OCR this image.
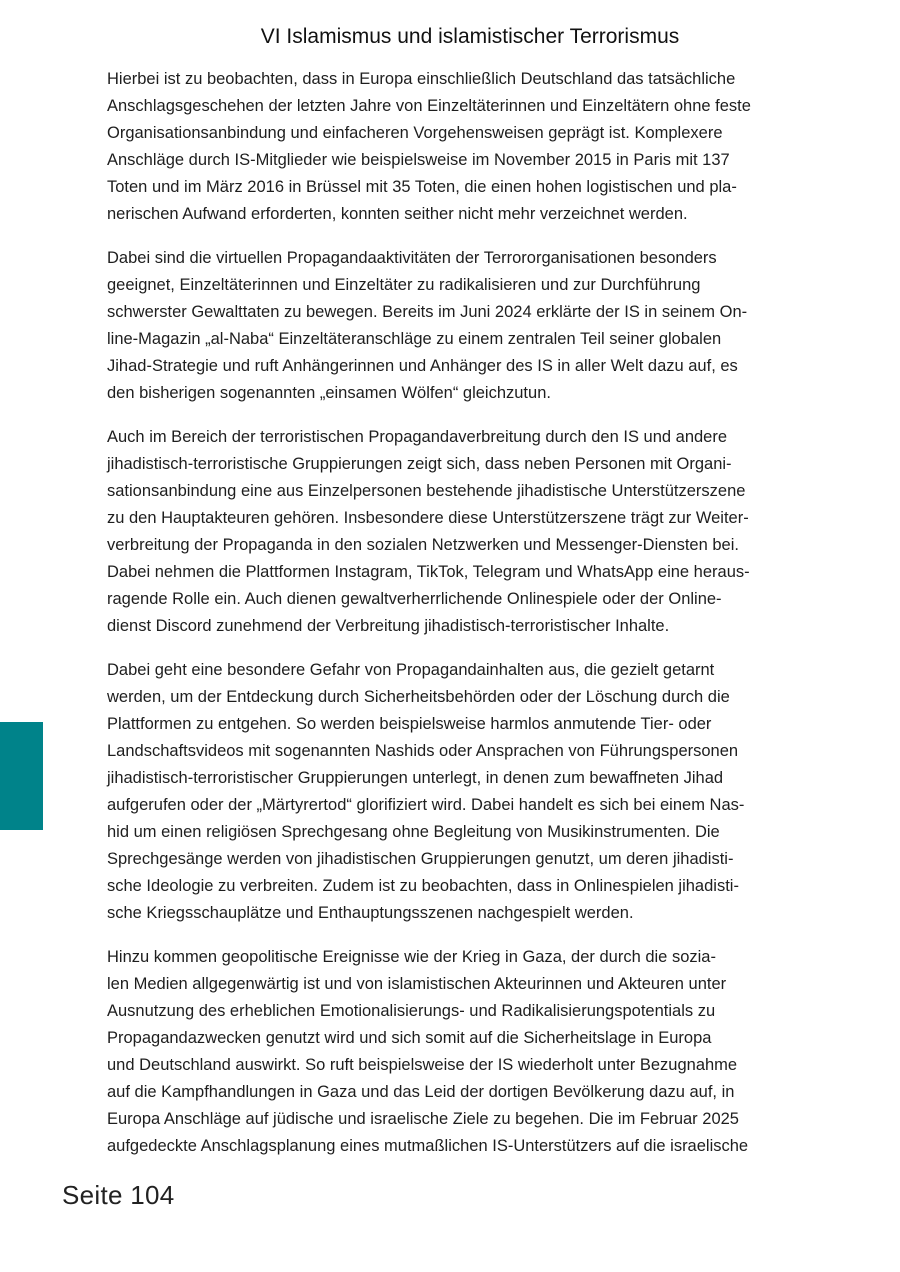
VI Islamismus und islamistischer Terrorismus

Hierbei ist zu beobachten, dass in Europa einschließlich Deutschland das tatsächliche
Anschlagsgeschehen der letzten Jahre von Einzeltäterinnen und Einzeltätern ohne feste
Organisationsanbindung und einfacheren Vorgehensweisen geprägt ist. Komplexere
Anschläge durch IS-Mitglieder wie beispielsweise im November 2015 in Paris mit 137
Toten und im März 2016 in Brüssel mit 35 Toten, die einen hohen logistischen und pla-
nerischen Aufwand erforderten, konnten seither nicht mehr verzeichnet werden.

Dabei sind die virtuellen Propagandaaktivitäten der Terrororganisationen besonders
geeignet, Einzeltäterinnen und Einzeltäter zu radikalisieren und zur Durchführung
schwerster Gewalttaten zu bewegen. Bereits im Juni 2024 erklärte der IS in seinem On-
line-Magazin „al-Naba“ Einzeltäteranschläge zu einem zentralen Teil seiner globalen
Jihad-Strategie und ruft Anhängerinnen und Anhänger des IS in aller Welt dazu auf, es
den bisherigen sogenannten „einsamen Wölfen“ gleichzutun.

Auch im Bereich der terroristischen Propagandaverbreitung durch den IS und andere
jihadistisch-terroristische Gruppierungen zeigt sich, dass neben Personen mit Organi-
sationsanbindung eine aus Einzelpersonen bestehende jihadistische Unterstützerszene
zu den Hauptakteuren gehören. Insbesondere diese Unterstützerszene trägt zur Weiter-
verbreitung der Propaganda in den sozialen Netzwerken und Messenger-Diensten bei.
Dabei nehmen die Plattformen Instagram, TikTok, Telegram und WhatsApp eine heraus-
ragende Rolle ein. Auch dienen gewaltverherrlichende Onlinespiele oder der Online-
dienst Discord zunehmend der Verbreitung jihadistisch-terroristischer Inhalte.

Dabei geht eine besondere Gefahr von Propagandainhalten aus, die gezielt getarnt
werden, um der Entdeckung durch Sicherheitsbehörden oder der Löschung durch die
Plattformen zu entgehen. So werden beispielsweise harmlos anmutende Tier- oder
Landschaftsvideos mit sogenannten Nashids oder Ansprachen von Führungspersonen
jihadistisch-terroristischer Gruppierungen unterlegt, in denen zum bewaffneten Jihad
aufgerufen oder der „Märtyrertod“ glorifiziert wird. Dabei handelt es sich bei einem Nas-
hid um einen religiösen Sprechgesang ohne Begleitung von Musikinstrumenten. Die
Sprechgesänge werden von jihadistischen Gruppierungen genutzt, um deren jihadisti-
sche Ideologie zu verbreiten. Zudem ist zu beobachten, dass in Onlinespielen jihadisti-
sche Kriegsschauplätze und Enthauptungsszenen nachgespielt werden.

Hinzu kommen geopolitische Ereignisse wie der Krieg in Gaza, der durch die sozia-
len Medien allgegenwärtig ist und von islamistischen Akteurinnen und Akteuren unter
Ausnutzung des erheblichen Emotionalisierungs- und Radikalisierungspotentials zu
Propagandazwecken genutzt wird und sich somit auf die Sicherheitslage in Europa
und Deutschland auswirkt. So ruft beispielsweise der IS wiederholt unter Bezugnahme
auf die Kampfhandlungen in Gaza und das Leid der dortigen Bevölkerung dazu auf, in
Europa Anschläge auf jüdische und israelische Ziele zu begehen. Die im Februar 2025
aufgedeckte Anschlagsplanung eines mutmaßlichen IS-Unterstützers auf die israelische

Seite 104
